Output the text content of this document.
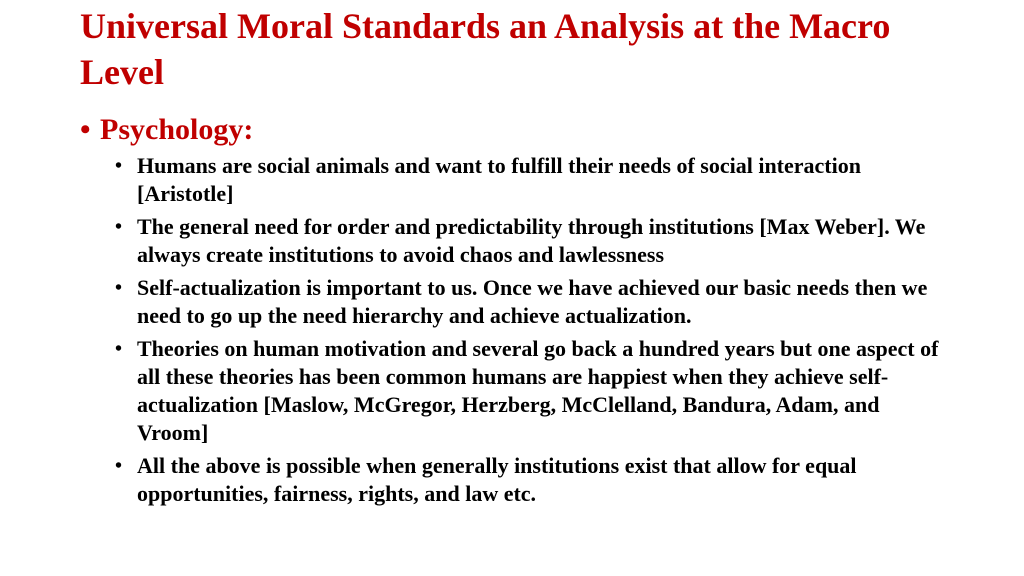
Universal Moral Standards an Analysis at the Macro Level
• Psychology:
• Humans are social animals and want to fulfill their needs of social interaction [Aristotle]
• The general need for order and predictability through institutions [Max Weber]. We always create institutions to avoid chaos and lawlessness
• Self-actualization is important to us. Once we have achieved our basic needs then we need to go up the need hierarchy and achieve actualization.
• Theories on human motivation and several go back a hundred years but one aspect of all these theories has been common humans are happiest when they achieve self-actualization [Maslow, McGregor, Herzberg, McClelland, Bandura, Adam, and Vroom]
• All the above is possible when generally institutions exist that allow for equal opportunities, fairness, rights, and law etc.
